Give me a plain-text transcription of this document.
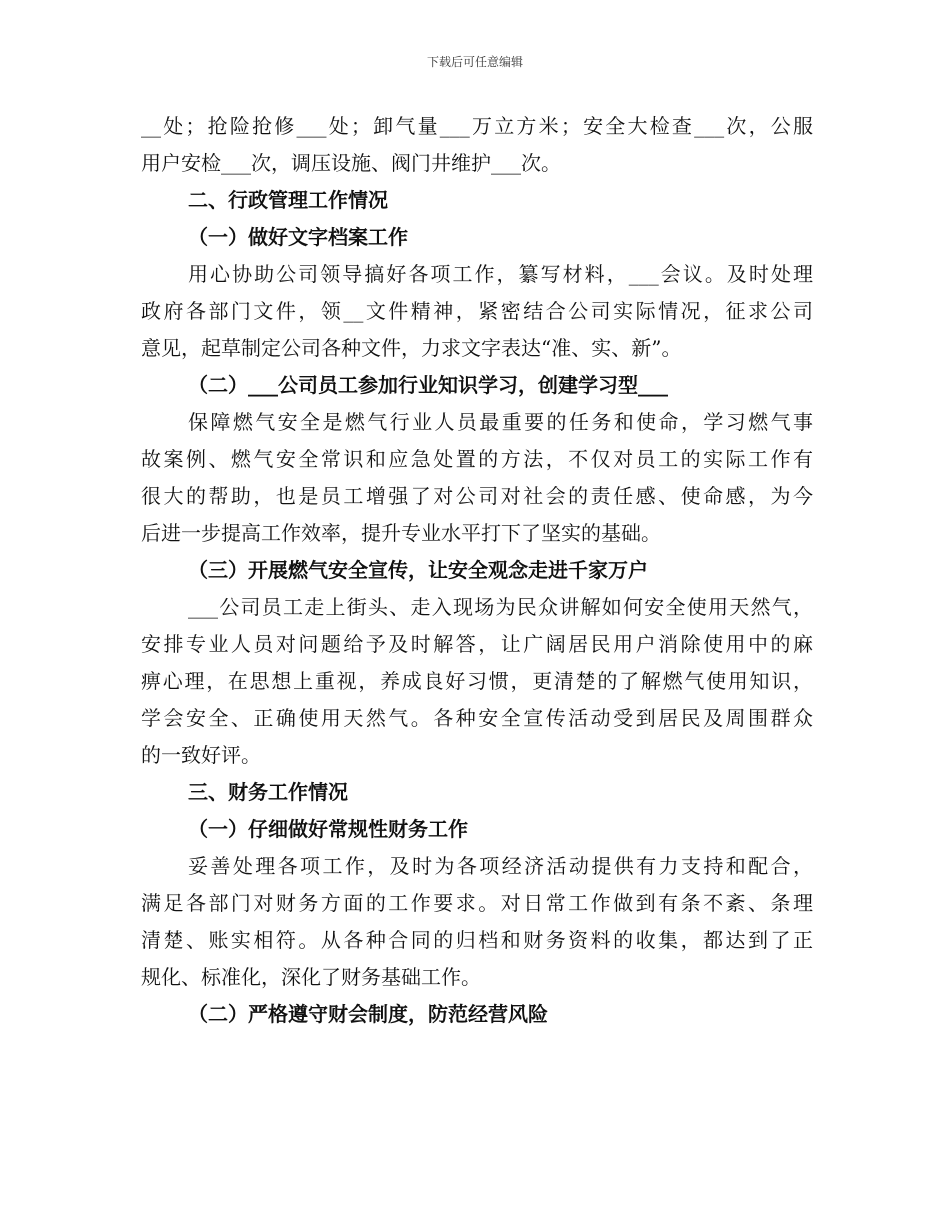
下载后可任意编辑
__处；抢险抢修___处；卸气量___万立方米；安全大检查___次，公服
用户安检___次，调压设施、阀门井维护___次。
二、行政管理工作情况
（一）做好文字档案工作
用心协助公司领导搞好各项工作，纂写材料，___会议。及时处理
政府各部门文件，领__文件精神，紧密结合公司实际情况，征求公司
意见，起草制定公司各种文件，力求文字表达“准、实、新”。
（二）___公司员工参加行业知识学习，创建学习型___
保障燃气安全是燃气行业人员最重要的任务和使命，学习燃气事
故案例、燃气安全常识和应急处置的方法，不仅对员工的实际工作有
很大的帮助，也是员工增强了对公司对社会的责任感、使命感，为今
后进一步提高工作效率，提升专业水平打下了坚实的基础。
（三）开展燃气安全宣传，让安全观念走进千家万户
___公司员工走上街头、走入现场为民众讲解如何安全使用天然气，
安排专业人员对问题给予及时解答，让广阔居民用户消除使用中的麻
痹心理，在思想上重视，养成良好习惯，更清楚的了解燃气使用知识，
学会安全、正确使用天然气。各种安全宣传活动受到居民及周围群众
的一致好评。
三、财务工作情况
（一）仔细做好常规性财务工作
妥善处理各项工作，及时为各项经济活动提供有力支持和配合，
满足各部门对财务方面的工作要求。对日常工作做到有条不紊、条理
清楚、账实相符。从各种合同的归档和财务资料的收集，都达到了正
规化、标准化，深化了财务基础工作。
（二）严格遵守财会制度，防范经营风险
